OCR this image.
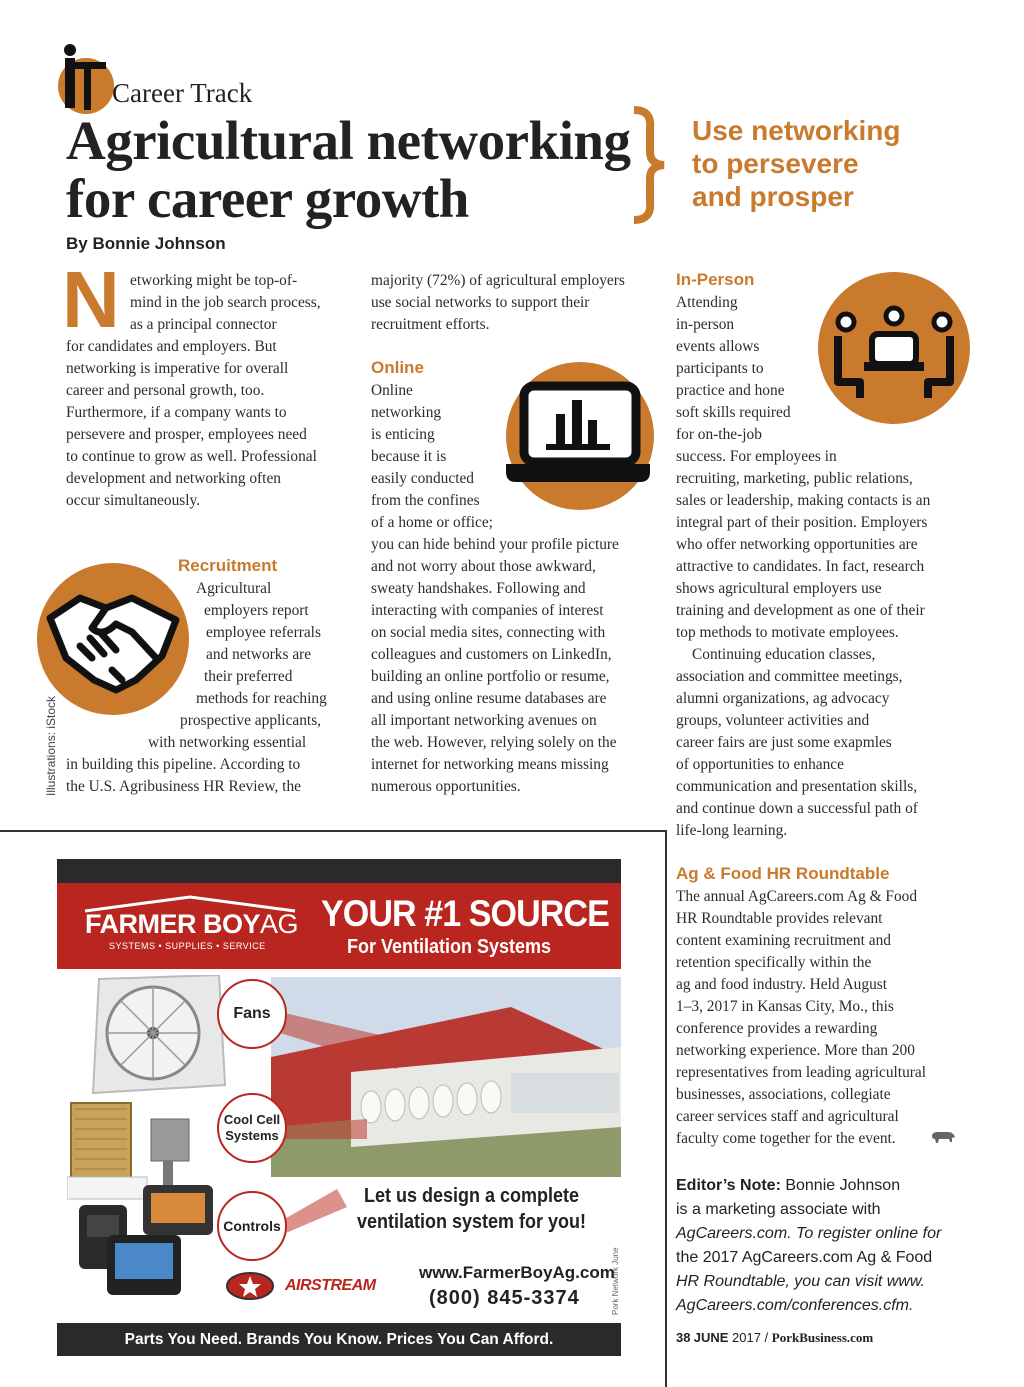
Career Track
Agricultural networking
for career growth
Use networking
to persevere
and prosper
By Bonnie Johnson
N etworking might be top-of-
mind in the job search process,
as a principal connector
for candidates and employers. But
networking is imperative for overall
career and personal growth, too.
Furthermore, if a company wants to
persevere and prosper, employees need
to continue to grow as well. Professional
development and networking often
occur simultaneously.
Recruitment
Agricultural
employers report
employee referrals
and networks are
their preferred
methods for reaching
prospective applicants,
with networking essential
in building this pipeline. According to
the U.S. Agribusiness HR Review, the
Illustrations: iStock
majority (72%) of agricultural employers
use social networks to support their
recruitment efforts.
Online
Online
networking
is enticing
because it is
easily conducted
from the confines
of a home or office;
you can hide behind your profile picture
and not worry about those awkward,
sweaty handshakes. Following and
interacting with companies of interest
on social media sites, connecting with
colleagues and customers on LinkedIn,
building an online portfolio or resume,
and using online resume databases are
all important networking avenues on
the web. However, relying solely on the
internet for networking means missing
numerous opportunities.
In-Person
Attending
in-person
events allows
participants to
practice and hone
soft skills required
for on-the-job
success. For employees in
recruiting, marketing, public relations,
sales or leadership, making contacts is an
integral part of their position. Employers
who offer networking opportunities are
attractive to candidates. In fact, research
shows agricultural employers use
training and development as one of their
top methods to motivate employees.
Continuing education classes,
association and committee meetings,
alumni organizations, ag advocacy
groups, volunteer activities and
career fairs are just some exapmles
of opportunities to enhance
communication and presentation skills,
and continue down a successful path of
life-long learning.
Ag & Food HR Roundtable
The annual AgCareers.com Ag & Food
HR Roundtable provides relevant
content examining recruitment and
retention specifically within the
ag and food industry. Held August
1–3, 2017 in Kansas City, Mo., this
conference provides a rewarding
networking experience. More than 200
representatives from leading agricultural
businesses, associations, collegiate
career services staff and agricultural
faculty come together for the event.
Editor’s Note: Bonnie Johnson
is a marketing associate with
AgCareers.com. To register online for
the 2017 AgCareers.com Ag & Food
HR Roundtable, you can visit www.
AgCareers.com/conferences.cfm.
38 JUNE 2017 / PorkBusiness.com
FARMER BOYAG
SYSTEMS • SUPPLIES • SERVICE
YOUR #1 SOURCE
For Ventilation Systems
Fans
Cool Cell Systems
Controls
Let us design a complete
ventilation system for you!
AIRSTREAM
www.FarmerBoyAg.com
(800) 845-3374	Pork Network June
Parts You Need. Brands You Know. Prices You Can Afford.
